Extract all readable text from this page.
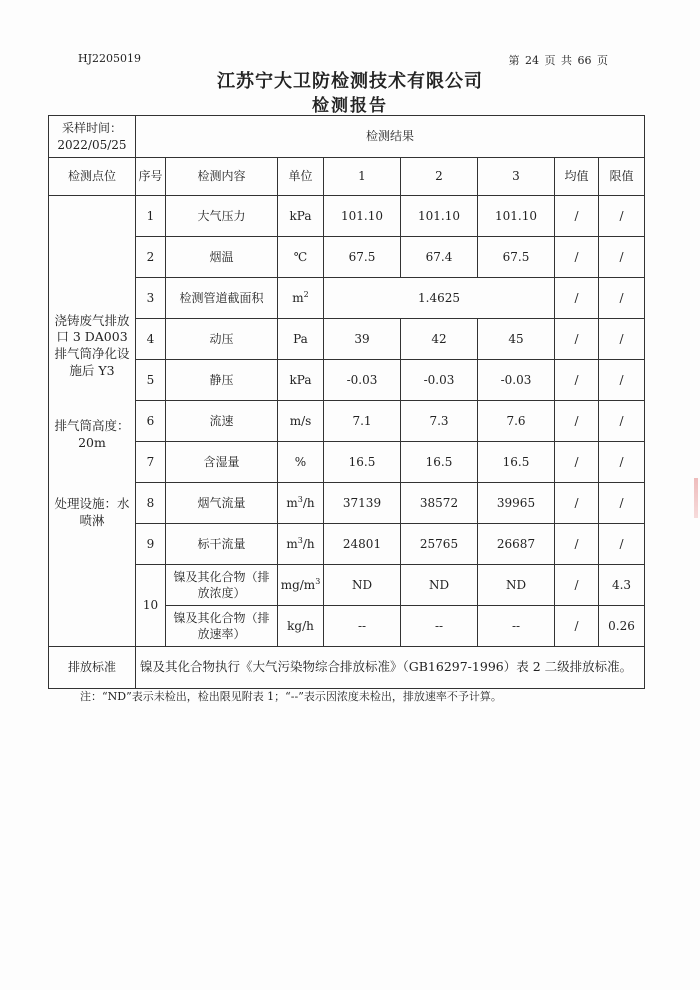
HJ2205019	第 24 页 共 66 页
江苏宁大卫防检测技术有限公司
检测报告
采样时间：
2022/05/25	检测结果							
检测点位	序号	检测内容	单位	1	2	3	均值	限值

浇铸废气排放口 3 DA003 排气筒净化设施后 Y3
排气筒高度：20m
处理设施：水喷淋	1	大气压力	kPa	101.10	101.10	101.10	/	/
	2	烟温	℃	67.5	67.4	67.5	/	/
	3	检测管道截面积	$m^2$	1.4625			/	/
	4	动压	Pa	39	42	45	/	/
	5	静压	kPa	-0.03	-0.03	-0.03	/	/
	6	流速	m/s	7.1	7.3	7.6	/	/
	7	含湿量	%	16.5	16.5	16.5	/	/
	8	烟气流量	$m^3/h$	37139	38572	39965	/	/
	9	标干流量	$m^3/h$	24801	25765	26687	/	/
	10	镍及其化合物（排放浓度）	$mg/m^3$	ND	ND	ND	/	4.3
		镍及其化合物（排放速率）	kg/h	--	--	--	/	0.26
排放标准	镍及其化合物执行《大气污染物综合排放标准》（GB16297-1996）表 2 二级排放标准。							
注：“ND”表示未检出，检出限见附表 1；“--”表示因浓度未检出，排放速率不予计算。
